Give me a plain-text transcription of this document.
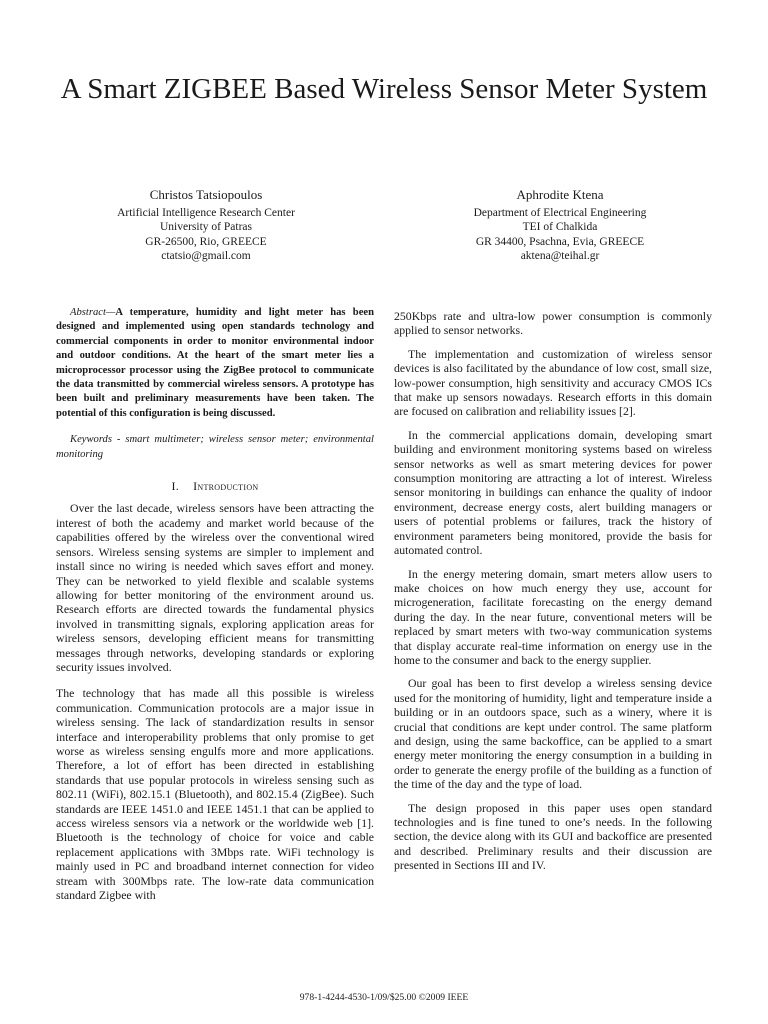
A Smart ZIGBEE Based Wireless Sensor Meter System
Christos Tatsiopoulos
Artificial Intelligence Research Center
University of Patras
GR-26500, Rio, GREECE
ctatsio@gmail.com
Aphrodite Ktena
Department of Electrical Engineering
TEI of Chalkida
GR 34400, Psachna, Evia, GREECE
aktena@teihal.gr

Abstract—A temperature, humidity and light meter has been designed and implemented using open standards technology and commercial components in order to monitor environmental indoor and outdoor conditions. At the heart of the smart meter lies a microprocessor processor using the ZigBee protocol to communicate the data transmitted by commercial wireless sensors. A prototype has been built and preliminary measurements have been taken. The potential of this configuration is being discussed.

Keywords - smart multimeter; wireless sensor meter; environmental monitoring

I. Introduction

Over the last decade, wireless sensors have been attracting the interest of both the academy and market world because of the capabilities offered by the wireless over the conventional wired sensors. Wireless sensing systems are simpler to implement and install since no wiring is needed which saves effort and money. They can be networked to yield flexible and scalable systems allowing for better monitoring of the environment around us. Research efforts are directed towards the fundamental physics involved in transmitting signals, exploring application areas for wireless sensors, developing efficient means for transmitting messages through networks, developing standards or exploring security issues involved.

The technology that has made all this possible is wireless communication. Communication protocols are a major issue in wireless sensing. The lack of standardization results in sensor interface and interoperability problems that only promise to get worse as wireless sensing engulfs more and more applications. Therefore, a lot of effort has been directed in establishing standards that use popular protocols in wireless sensing such as 802.11 (WiFi), 802.15.1 (Bluetooth), and 802.15.4 (ZigBee). Such standards are IEEE 1451.0 and IEEE 1451.1 that can be applied to access wireless sensors via a network or the worldwide web [1]. Bluetooth is the technology of choice for voice and cable replacement applications with 3Mbps rate. WiFi technology is mainly used in PC and broadband internet connection for video stream with 300Mbps rate. The low-rate data communication standard Zigbee with

250Kbps rate and ultra-low power consumption is commonly applied to sensor networks.

The implementation and customization of wireless sensor devices is also facilitated by the abundance of low cost, small size, low-power consumption, high sensitivity and accuracy CMOS ICs that make up sensors nowadays. Research efforts in this domain are focused on calibration and reliability issues [2].

In the commercial applications domain, developing smart building and environment monitoring systems based on wireless sensor networks as well as smart metering devices for power consumption monitoring are attracting a lot of interest. Wireless sensor monitoring in buildings can enhance the quality of indoor environment, decrease energy costs, alert building managers or users of potential problems or failures, track the history of environment parameters being monitored, provide the basis for automated control.

In the energy metering domain, smart meters allow users to make choices on how much energy they use, account for microgeneration, facilitate forecasting on the energy demand during the day. In the near future, conventional meters will be replaced by smart meters with two-way communication systems that display accurate real-time information on energy use in the home to the consumer and back to the energy supplier.

Our goal has been to first develop a wireless sensing device used for the monitoring of humidity, light and temperature inside a building or in an outdoors space, such as a winery, where it is crucial that conditions are kept under control. The same platform and design, using the same backoffice, can be applied to a smart energy meter monitoring the energy consumption in a building in order to generate the energy profile of the building as a function of the time of the day and the type of load.

The design proposed in this paper uses open standard technologies and is fine tuned to one’s needs. In the following section, the device along with its GUI and backoffice are presented and described. Preliminary results and their discussion are presented in Sections III and IV.

978-1-4244-4530-1/09/$25.00 ©2009 IEEE
